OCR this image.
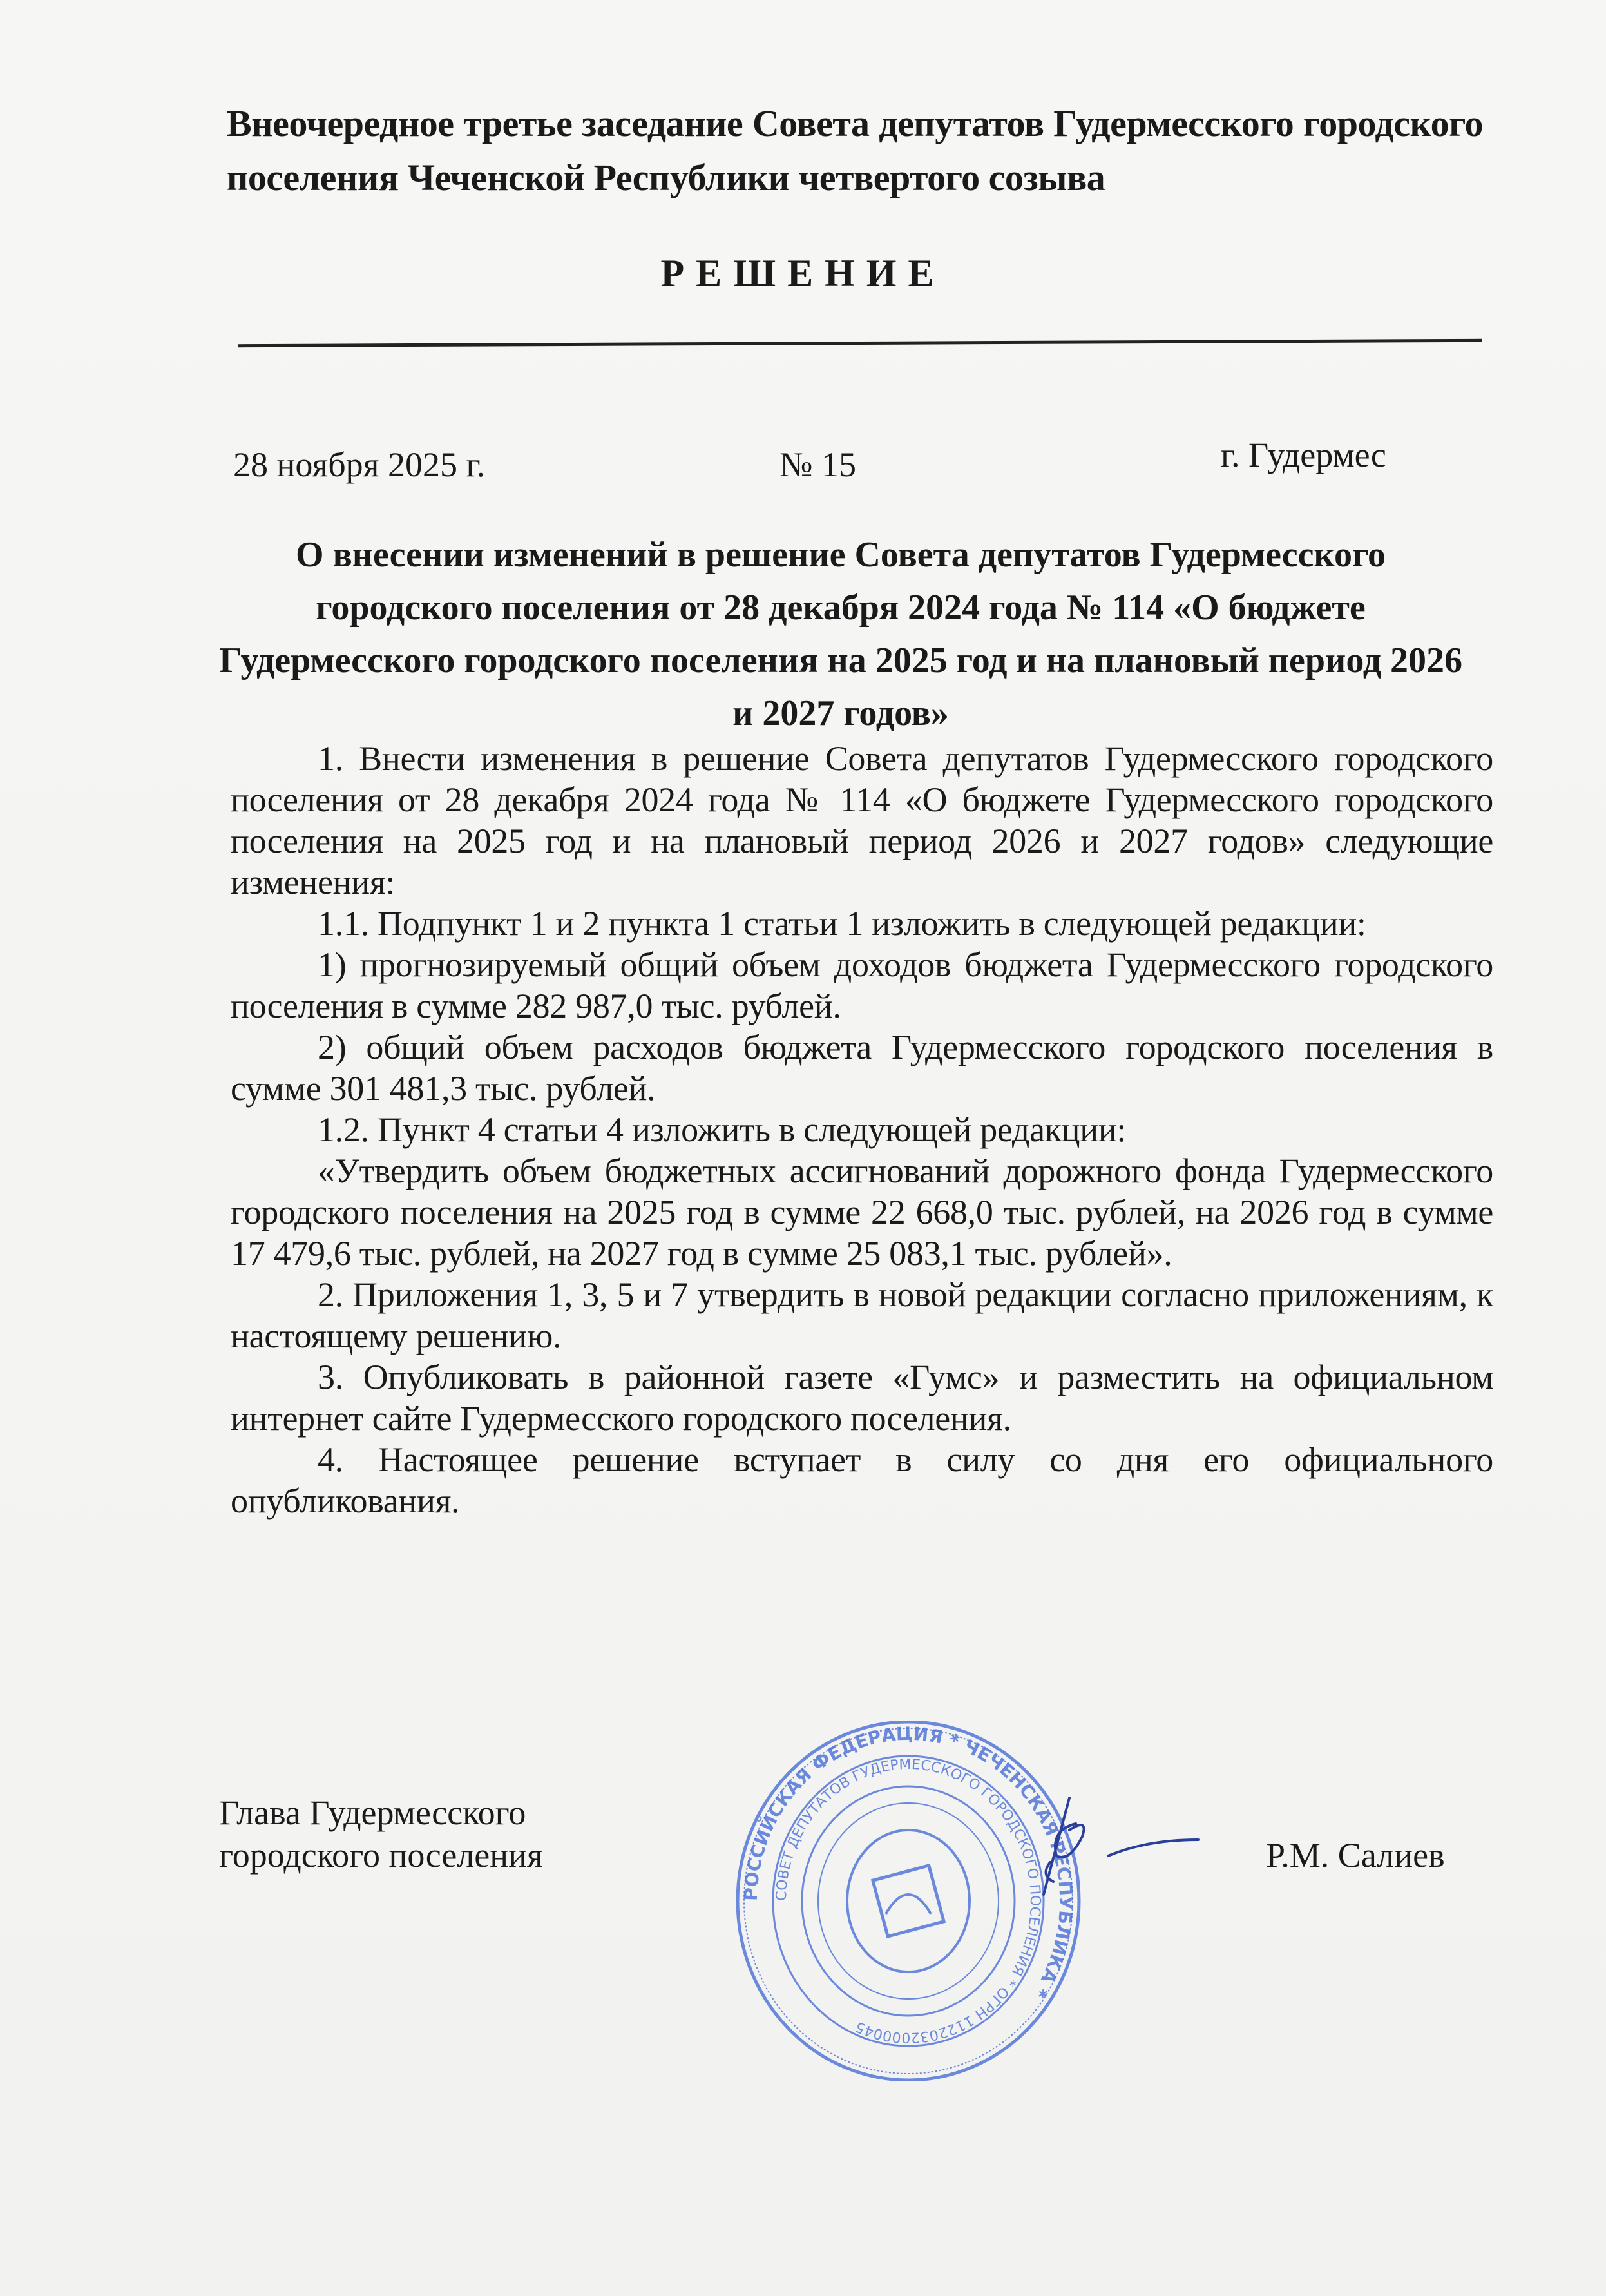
Внеочередное третье заседание Совета депутатов Гудермесского городского поселения Чеченской Республики четвертого созыва
РЕШЕНИЕ
28 ноября 2025 г.	№ 15	г. Гудермес
О внесении изменений в решение Совета депутатов Гудермесского городского поселения от 28 декабря 2024 года № 114 «О бюджете Гудермесского городского поселения на 2025 год и на плановый период 2026 и 2027 годов»

1. Внести изменения в решение Совета депутатов Гудермесского городского поселения от 28 декабря 2024 года № 114 «О бюджете Гудермесского городского поселения на 2025 год и на плановый период 2026 и 2027 годов» следующие изменения:

1.1. Подпункт 1 и 2 пункта 1 статьи 1 изложить в следующей редакции:

1) прогнозируемый общий объем доходов бюджета Гудермесского городского поселения в сумме 282 987,0 тыс. рублей.

2) общий объем расходов бюджета Гудермесского городского поселения в сумме 301 481,3 тыс. рублей.

1.2. Пункт 4 статьи 4 изложить в следующей редакции:

«Утвердить объем бюджетных ассигнований дорожного фонда Гудермесского городского поселения на 2025 год в сумме 22 668,0 тыс. рублей, на 2026 год в сумме 17 479,6 тыс. рублей, на 2027 год в сумме 25 083,1 тыс. рублей».

2. Приложения 1, 3, 5 и 7 утвердить в новой редакции согласно приложениям, к настоящему решению.

3. Опубликовать в районной газете «Гумс» и разместить на официальном интернет сайте Гудермесского городского поселения.

4. Настоящее решение вступает в силу со дня его официального опубликования.

Глава Гудермесского
городского поселения
РОССИЙСКАЯ ФЕДЕРАЦИЯ * ЧЕЧЕНСКАЯ РЕСПУБЛИКА *
СОВЕТ ДЕПУТАТОВ ГУДЕРМЕССКОГО ГОРОДСКОГО ПОСЕЛЕНИЯ * ОГРН 1122032000045
Р.М. Салиев
